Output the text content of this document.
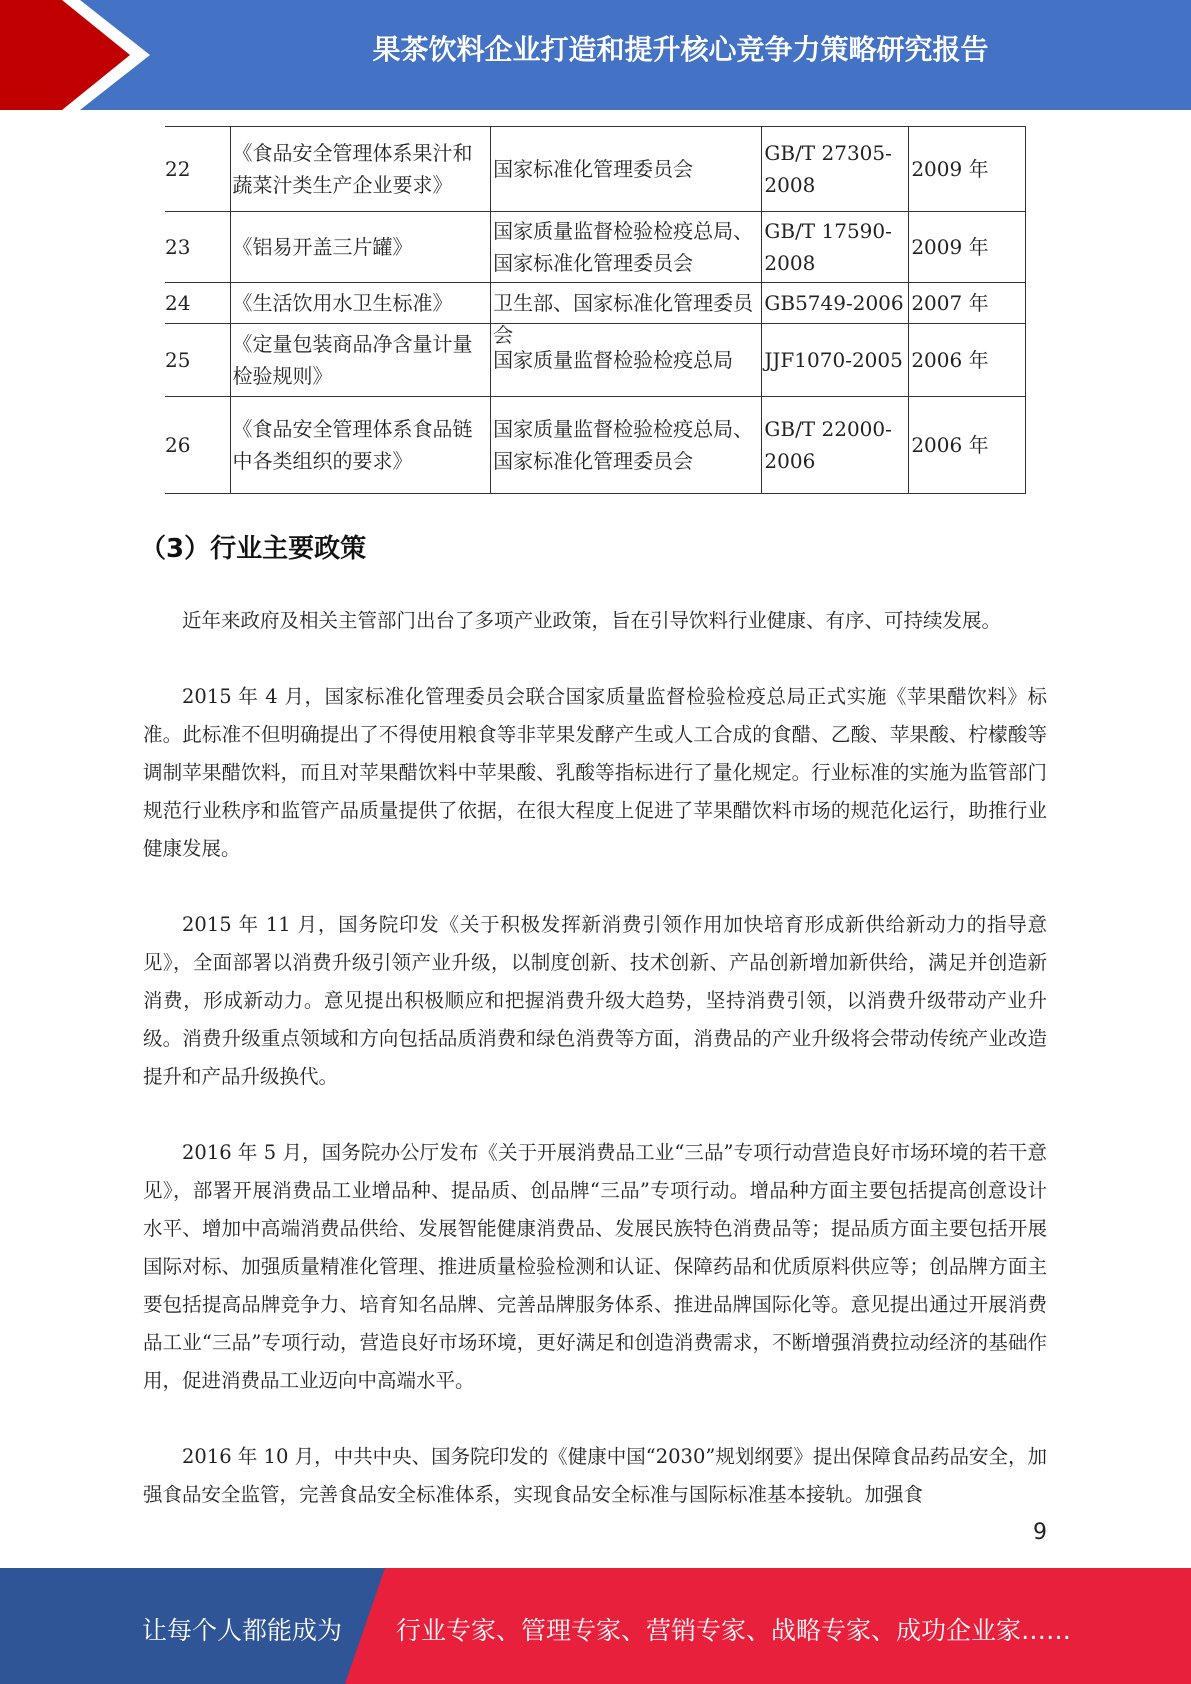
果茶饮料企业打造和提升核心竞争力策略研究报告
22	《食品安全管理体系果汁和蔬菜汁类生产企业要求》	国家标准化管理委员会	GB/T 27305-2008	2009 年
23	《铝易开盖三片罐》	国家质量监督检验检疫总局、国家标准化管理委员会	GB/T 17590-2008	2009 年
24	《生活饮用水卫生标准》	卫生部、国家标准化管理委员会	GB5749-2006	2007 年
25	《定量包装商品净含量计量检验规则》	国家质量监督检验检疫总局	JJF1070-2005	2006 年
26	《食品安全管理体系食品链中各类组织的要求》	国家质量监督检验检疫总局、国家标准化管理委员会	GB/T 22000-2006	2006 年
（3）行业主要政策

近年来政府及相关主管部门出台了多项产业政策，旨在引导饮料行业健康、有序、可持续发展。

2015 年 4 月，国家标准化管理委员会联合国家质量监督检验检疫总局正式实施《苹果醋饮料》标准。此标准不但明确提出了不得使用粮食等非苹果发酵产生或人工合成的食醋、乙酸、苹果酸、柠檬酸等调制苹果醋饮料，而且对苹果醋饮料中苹果酸、乳酸等指标进行了量化规定。行业标准的实施为监管部门规范行业秩序和监管产品质量提供了依据，在很大程度上促进了苹果醋饮料市场的规范化运行，助推行业健康发展。

2015 年 11 月，国务院印发《关于积极发挥新消费引领作用加快培育形成新供给新动力的指导意见》，全面部署以消费升级引领产业升级，以制度创新、技术创新、产品创新增加新供给，满足并创造新消费，形成新动力。意见提出积极顺应和把握消费升级大趋势，坚持消费引领，以消费升级带动产业升级。消费升级重点领域和方向包括品质消费和绿色消费等方面，消费品的产业升级将会带动传统产业改造提升和产品升级换代。

2016 年 5 月，国务院办公厅发布《关于开展消费品工业“三品”专项行动营造良好市场环境的若干意见》，部署开展消费品工业增品种、提品质、创品牌“三品”专项行动。增品种方面主要包括提高创意设计水平、增加中高端消费品供给、发展智能健康消费品、发展民族特色消费品等；提品质方面主要包括开展国际对标、加强质量精准化管理、推进质量检验检测和认证、保障药品和优质原料供应等；创品牌方面主要包括提高品牌竞争力、培育知名品牌、完善品牌服务体系、推进品牌国际化等。意见提出通过开展消费品工业“三品”专项行动，营造良好市场环境，更好满足和创造消费需求，不断增强消费拉动经济的基础作用，促进消费品工业迈向中高端水平。

2016 年 10 月，中共中央、国务院印发的《健康中国“2030”规划纲要》提出保障食品药品安全，加强食品安全监管，完善食品安全标准体系，实现食品安全标准与国际标准基本接轨。加强食

9
让每个人都能成为 行业专家、管理专家、营销专家、战略专家、成功企业家……
